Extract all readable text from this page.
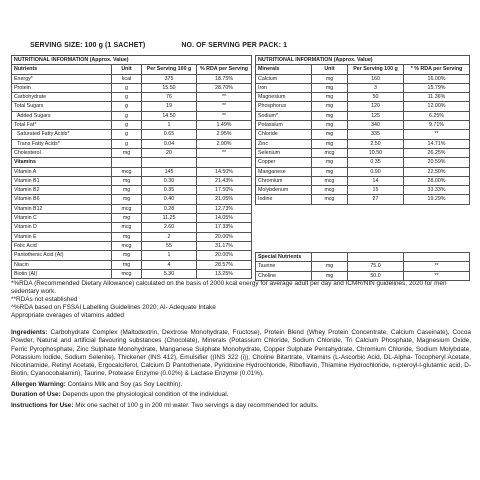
SERVING SIZE: 100 g (1 SACHET)	NO. OF SERVING PER PACK: 1
NUTRITIONAL INFORMATION (Approx. Value)			
Nutrients	Unit	Per Serving 100 g	% RDA per Serving
Energy*	kcal	375	18.75%
Protein	g	15.50	28.70%
Carbohydrate	g	76	**
Total Sugars	g	19	**
Added Sugars	g	14.50	**
Total Fat*	g	1	1.49%
Saturated Fatty Acids*	g	0.65	2.95%
Trans Fatty Acids*	g	0.04	2.00%
Cholesterol	mg	20	**
Vitamins			
Vitamin A	mcg	145	14.50%
Vitamin B1	mg	0.30	21.43%
Vitamin B2	mg	0.35	17.50%
Vitamin B6	mg	0.40	21.05%
Vitamin B12	mcg	0.28	12.73%
Vitamin C	mg	11.25	14.05%
Vitamin D	mcg	2.60	17.33%
Vitamin E	mg	2	20.00%
Folic Acid	mcg	55	31.17%
Pantothenic Acid (AI)	mg	1	20.00%
Niacin	mg	4	28.57%
Biotin (AI)	mcg	5.30	13.25%
NUTRITIONAL INFORMATION (Approx. Value)			
Minerals	Unit	Per Serving 100 g	* % RDA per Serving
Calcium	mg	160	16.00%
Iron	mg	3	15.79%
Magnesium	mg	50	11.36%
Phosphorus	mg	120	12.00%
Sodium*	mg	125	6.25%
Potassium	mg	340	9.71%
Chloride	mg	335	**
Zinc	mg	2.50	14.71%
Selenium	mcg	10.50	26.25%
Copper	mg	0.35	20.59%
Manganese	mg	0.90	22.50%
Chromium	mcg	14	28.00%
Molybdenum	mcg	15	33.33%
Iodine	mcg	27	19.29%
Special Nutrients			
Taurine	mg	75.0	**
Choline	mg	50.0	**

*%RDA (Recommended Dietary Allowance) calculated on the basis of 2000 kcal energy for average adult per day and ICMR/NIN guidelines, 2020 for men sedentary work.

**RDAs not established

^%RDA based on FSSAI Labelling Guidelines 2020; AI- Adequate Intake

Appropriate overages of vitamins added

Ingredients: Carbohydrate Complex (Maltodextrin, Dextrose Monohydrate, Fructose), Protein Blend (Whey Protein Concentrate, Calcium Caseinate), Cocoa Powder, Natural and artificial flavouring substances (Chocolate), Minerals (Potassium Chloride, Sodium Chloride, Tri Calcium Phosphate, Magnesium Oxide, Ferric Pyrophosphate, Zinc Sulphate Monohydrate, Manganese Sulphate Monohydrate, Copper Sulphate Pentahydrate, Chromium Chloride, Sodium Molybdate, Potassium Iodide, Sodium Selenite), Thickener (INS 412), Emulsifier ((INS 322 (i)), Choline Bitartrate, Vitamins (L-Ascorbic Acid, DL-Alpha- Tocopheryl Acetate, Nicotinamide, Retinyl Acetate, Ergocalciferol, Calcium D Pantothenate, Pyridoxine Hydrochloride, Riboflavin, Thiamine Hydrochloride, n-pteroyl-l-glutamic acid, D-Biotin, Cyanocobalamin), Taurine, Protease Enzyme (0.02%) & Lactase Enzyme (0.01%).

Allergen Warning: Contains Milk and Soy (as Soy Lecithin).

Duration of Use: Depends upon the physiological condition of the individual.

Instructions for Use: Mix one sachet of 100 g in 200 ml water. Two servings a day recommended for adults.
